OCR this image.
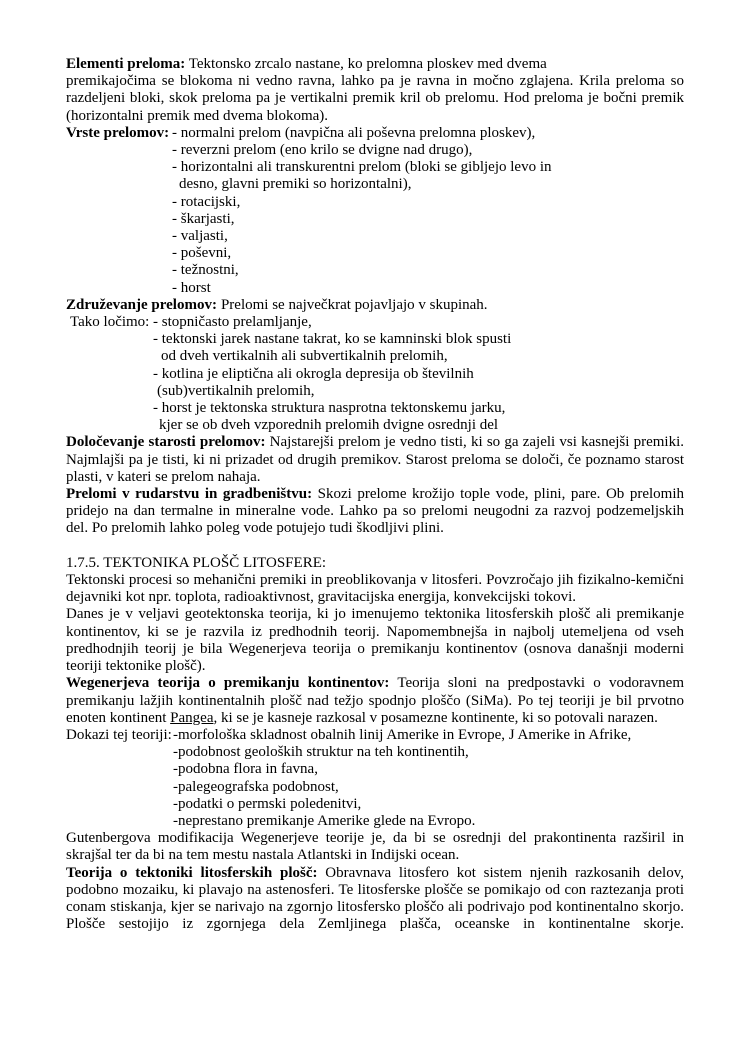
Elementi preloma: Tektonsko zrcalo nastane, ko prelomna ploskev med dvema
premikajočima se blokoma ni vedno ravna, lahko pa je ravna in močno zglajena. Krila preloma so razdeljeni bloki, skok preloma pa je vertikalni premik kril ob prelomu. Hod preloma je bočni premik (horizontalni premik med dvema blokoma).
Vrste prelomov: - normalni prelom (navpična ali poševna prelomna ploskev),
- reverzni prelom (eno krilo se dvigne nad drugo),
- horizontalni ali transkurentni prelom (bloki se gibljejo levo in
desno, glavni premiki so horizontalni),
- rotacijski,
- škarjasti,
- valjasti,
- poševni,
- težnostni,
- horst
Združevanje prelomov: Prelomi se največkrat pojavljajo v skupinah.
Tako ločimo: - stopničasto prelamljanje,
- tektonski jarek nastane takrat, ko se kamninski blok spusti
od dveh vertikalnih ali subvertikalnih prelomih,
- kotlina je eliptična ali okrogla depresija ob številnih
(sub)vertikalnih prelomih,
- horst je tektonska struktura nasprotna tektonskemu jarku,
kjer se ob dveh vzporednih prelomih dvigne osrednji del
Določevanje starosti prelomov: Najstarejši prelom je vedno tisti, ki so ga zajeli vsi kasnejši premiki. Najmlajši pa je tisti, ki ni prizadet od drugih premikov. Starost preloma se določi, če poznamo starost plasti, v kateri se prelom nahaja.
Prelomi v rudarstvu in gradbeništvu: Skozi prelome krožijo tople vode, plini, pare. Ob prelomih pridejo na dan termalne in mineralne vode. Lahko pa so prelomi neugodni za razvoj podzemeljskih del. Po prelomih lahko poleg vode potujejo tudi škodljivi plini.
1.7.5. TEKTONIKA PLOŠČ LITOSFERE:
Tektonski procesi so mehanični premiki in preoblikovanja v litosferi. Povzročajo jih fizikalno-kemični dejavniki kot npr. toplota, radioaktivnost, gravitacijska energija, konvekcijski tokovi.
Danes je v veljavi geotektonska teorija, ki jo imenujemo tektonika litosferskih plošč ali premikanje kontinentov, ki se je razvila iz predhodnih teorij. Napomembnejša in najbolj utemeljena od vseh predhodnjih teorij je bila Wegenerjeva teorija o premikanju kontinentov (osnova današnji moderni teoriji tektonike plošč).
Wegenerjeva teorija o premikanju kontinentov: Teorija sloni na predpostavki o vodoravnem premikanju lažjih kontinentalnih plošč nad težjo spodnjo ploščo (SiMa). Po tej teoriji je bil prvotno enoten kontinent Pangea, ki se je kasneje razkosal v posamezne kontinente, ki so potovali narazen.
Dokazi tej teoriji: -morfološka skladnost obalnih linij Amerike in Evrope, J Amerike in Afrike,
-podobnost geoloških struktur na teh kontinentih,
-podobna flora in favna,
-palegeografska podobnost,
-podatki o permski poledenitvi,
-neprestano premikanje Amerike glede na Evropo.
Gutenbergova modifikacija Wegenerjeve teorije je, da bi se osrednji del prakontinenta razširil in skrajšal ter da bi na tem mestu nastala Atlantski in Indijski ocean.
Teorija o tektoniki litosferskih plošč: Obravnava litosfero kot sistem njenih razkosanih delov, podobno mozaiku, ki plavajo na astenosferi. Te litosferske plošče se pomikajo od con raztezanja proti conam stiskanja, kjer se narivajo na zgornjo litosfersko ploščo ali podrivajo pod kontinentalno skorjo. Plošče sestojijo iz zgornjega dela Zemljinega plašča, oceanske in kontinentalne skorje.
